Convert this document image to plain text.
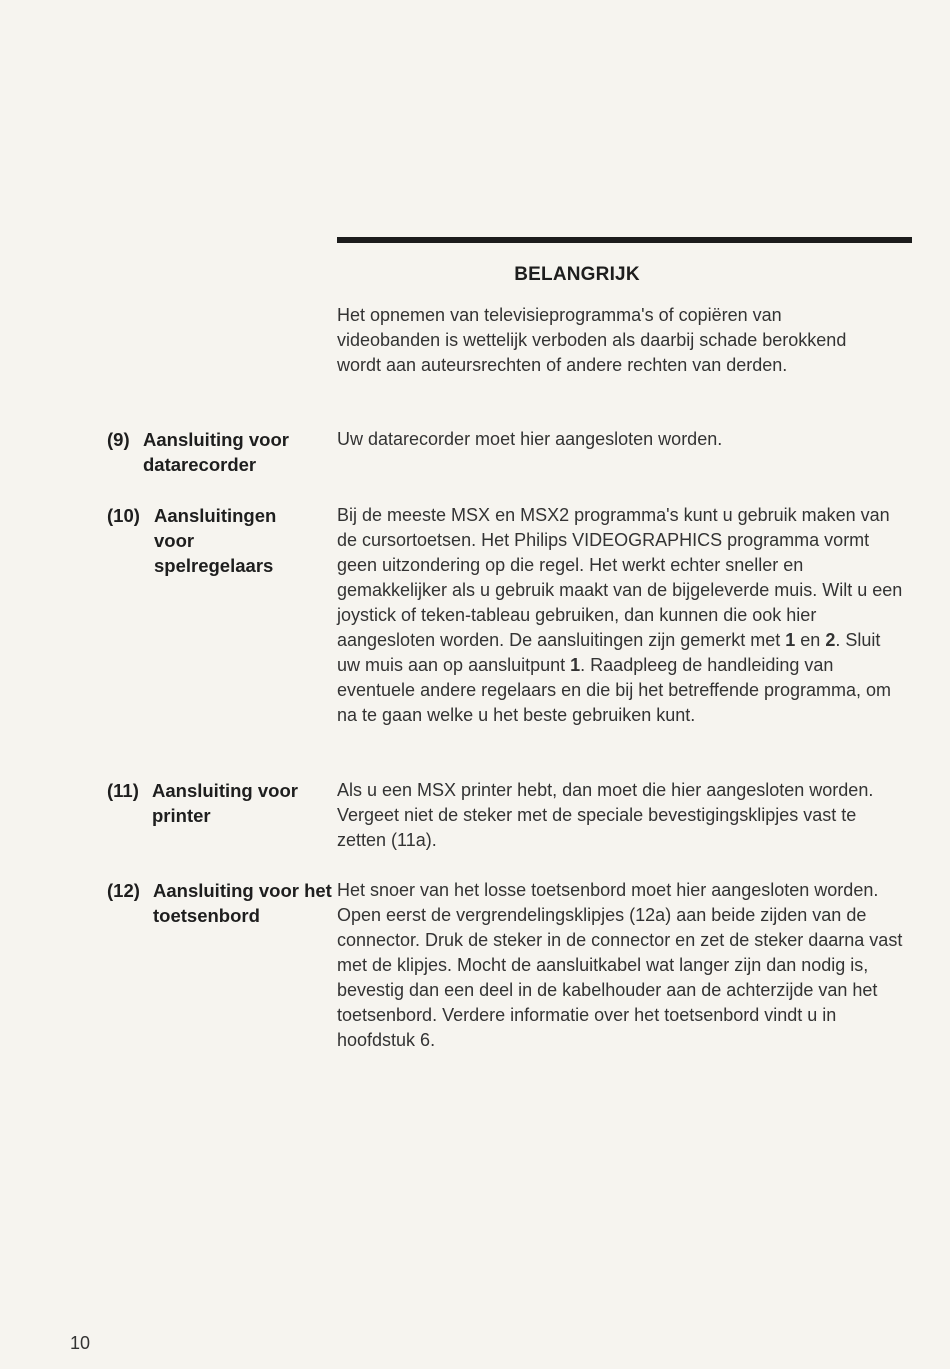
BELANGRIJK
Het opnemen van televisieprogramma's of copiëren van videobanden is wettelijk verboden als daarbij schade berokkend wordt aan auteursrechten of andere rechten van derden.
(9) Aansluiting voor datarecorder
Uw datarecorder moet hier aangesloten worden.
(10) Aansluitingen voor spelregelaars
Bij de meeste MSX en MSX2 programma's kunt u gebruik maken van de cursortoetsen. Het Philips VIDEOGRAPHICS programma vormt geen uitzondering op die regel. Het werkt echter sneller en gemakkelijker als u gebruik maakt van de bijgeleverde muis. Wilt u een joystick of teken-tableau gebruiken, dan kunnen die ook hier aangesloten worden. De aansluitingen zijn gemerkt met 1 en 2. Sluit uw muis aan op aansluitpunt 1. Raadpleeg de handleiding van eventuele andere regelaars en die bij het betreffende programma, om na te gaan welke u het beste gebruiken kunt.
(11) Aansluiting voor printer
Als u een MSX printer hebt, dan moet die hier aangesloten worden. Vergeet niet de steker met de speciale bevestigingsklipjes vast te zetten (11a).
(12) Aansluiting voor het toetsenbord
Het snoer van het losse toetsenbord moet hier aangesloten worden. Open eerst de vergrendelingsklipjes (12a) aan beide zijden van de connector. Druk de steker in de connector en zet de steker daarna vast met de klipjes. Mocht de aansluitkabel wat langer zijn dan nodig is, bevestig dan een deel in de kabelhouder aan de achterzijde van het toetsenbord. Verdere informatie over het toetsenbord vindt u in hoofdstuk 6.
10
